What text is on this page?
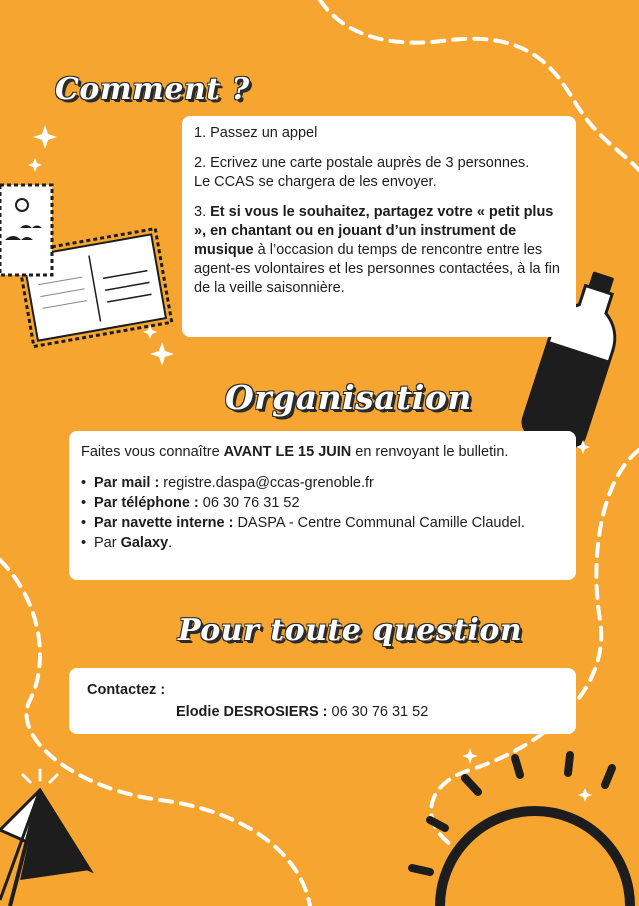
Comment ?

1. Passez un appel

2. Ecrivez une carte postale auprès de 3 personnes.
Le CCAS se chargera de les envoyer.

3. Et si vous le souhaitez, partagez votre « petit plus », en chantant ou en jouant d’un instrument de musique à l’occasion du temps de rencontre entre les agent-es volontaires et les personnes contactées, à la fin de la veille saisonnière.

Organisation

Faites vous connaître AVANT LE 15 JUIN en renvoyant le bulletin.

• Par mail : registre.daspa@ccas-grenoble.fr
• Par téléphone : 06 30 76 31 52
• Par navette interne : DASPA - Centre Communal Camille Claudel.
• Par Galaxy.
Pour toute question

Contactez :

Elodie DESROSIERS : 06 30 76 31 52
